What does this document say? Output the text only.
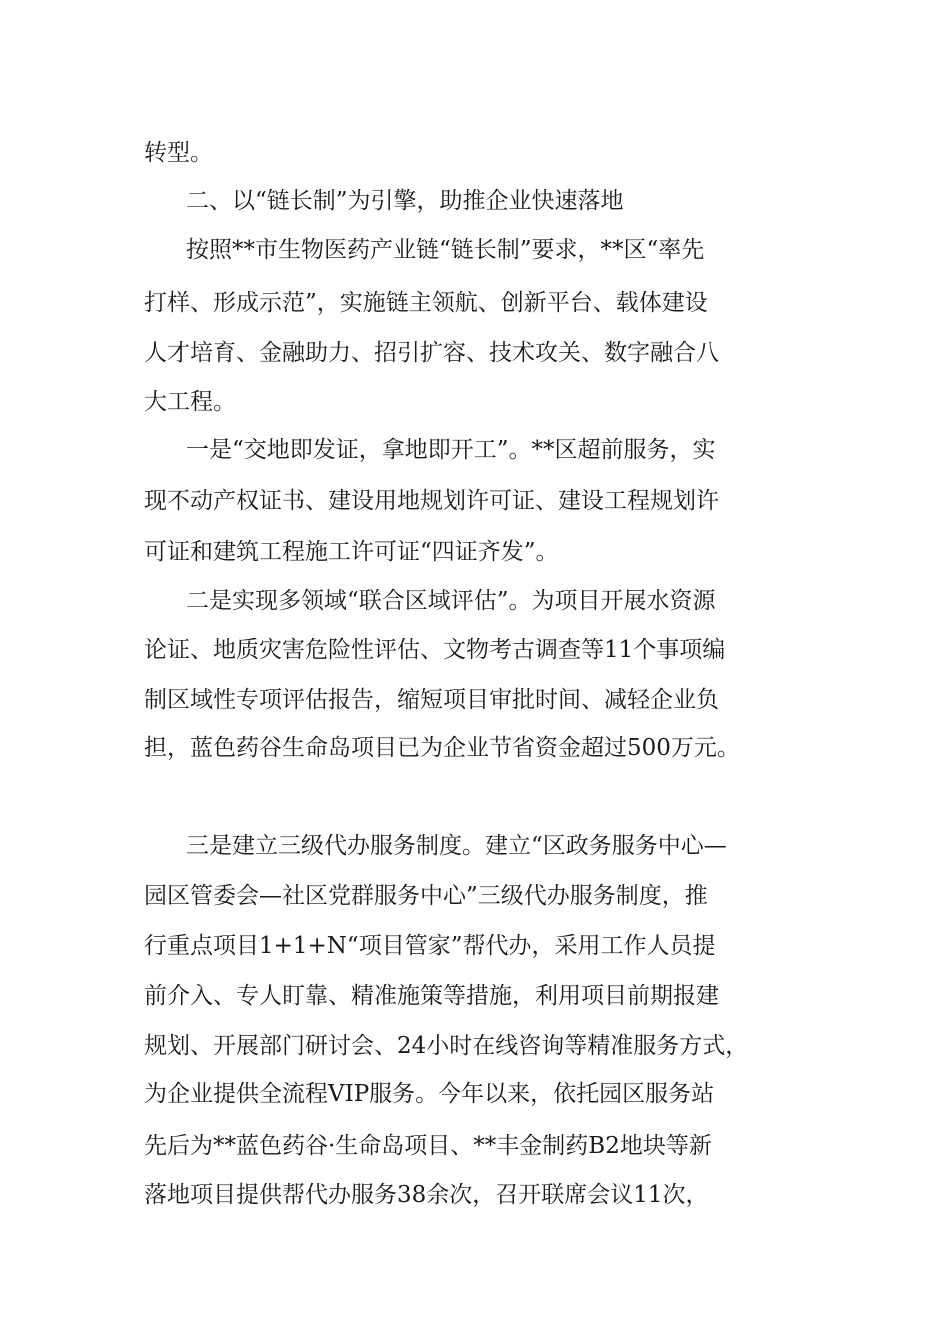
转型。

二、以“链长制”为引擎，助推企业快速落地

按照**市生物医药产业链“链长制”要求，**区“率先

打样、形成示范”，实施链主领航、创新平台、载体建设

人才培育、金融助力、招引扩容、技术攻关、数字融合八

大工程。

一是“交地即发证，拿地即开工”。**区超前服务，实

现不动产权证书、建设用地规划许可证、建设工程规划许

可证和建筑工程施工许可证“四证齐发”。

二是实现多领域“联合区域评估”。为项目开展水资源

论证、地质灾害危险性评估、文物考古调查等11个事项编

制区域性专项评估报告，缩短项目审批时间、减轻企业负

担，蓝色药谷生命岛项目已为企业节省资金超过500万元。

三是建立三级代办服务制度。建立“区政务服务中心—

园区管委会—社区党群服务中心”三级代办服务制度，推

行重点项目1+1+N“项目管家”帮代办，采用工作人员提

前介入、专人盯靠、精准施策等措施，利用项目前期报建

规划、开展部门研讨会、24小时在线咨询等精准服务方式，

为企业提供全流程VIP服务。今年以来，依托园区服务站

先后为**蓝色药谷·生命岛项目、**丰金制药B2地块等新

落地项目提供帮代办服务38余次，召开联席会议11次，
